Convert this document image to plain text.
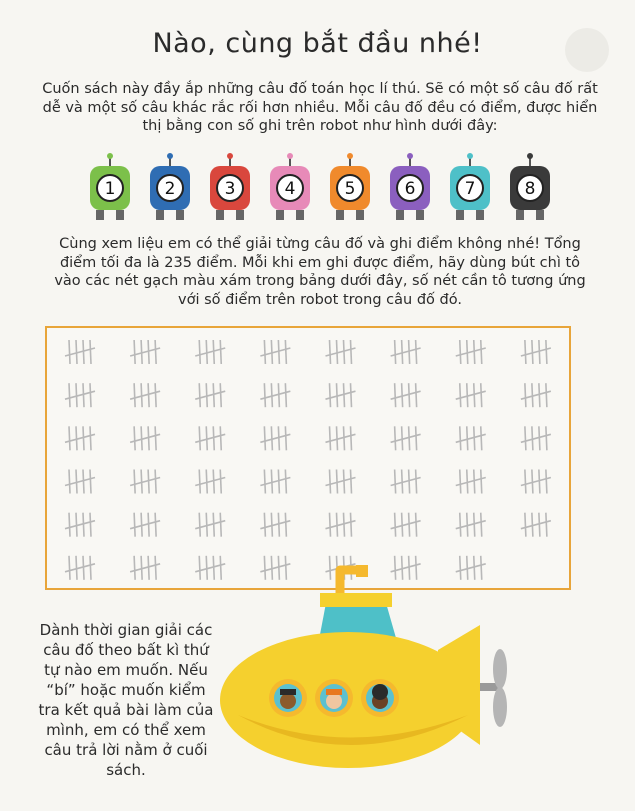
Nào, cùng bắt đầu nhé!
Cuốn sách này đầy ắp những câu đố toán học lí thú. Sẽ có một số câu đố rất dễ và một số câu khác rắc rối hơn nhiều. Mỗi câu đố đều có điểm, được hiển thị bằng con số ghi trên robot như hình dưới đây:
1	2	3	4	5	6	7	8
Cùng xem liệu em có thể giải từng câu đố và ghi điểm không nhé! Tổng điểm tối đa là 235 điểm. Mỗi khi em ghi được điểm, hãy dùng bút chì tô vào các nét gạch màu xám trong bảng dưới đây, số nét cần tô tương ứng với số điểm trên robot trong câu đố đó.
Dành thời gian giải các câu đố theo bất kì thứ tự nào em muốn. Nếu “bí” hoặc muốn kiểm tra kết quả bài làm của mình, em có thể xem câu trả lời nằm ở cuối sách.
